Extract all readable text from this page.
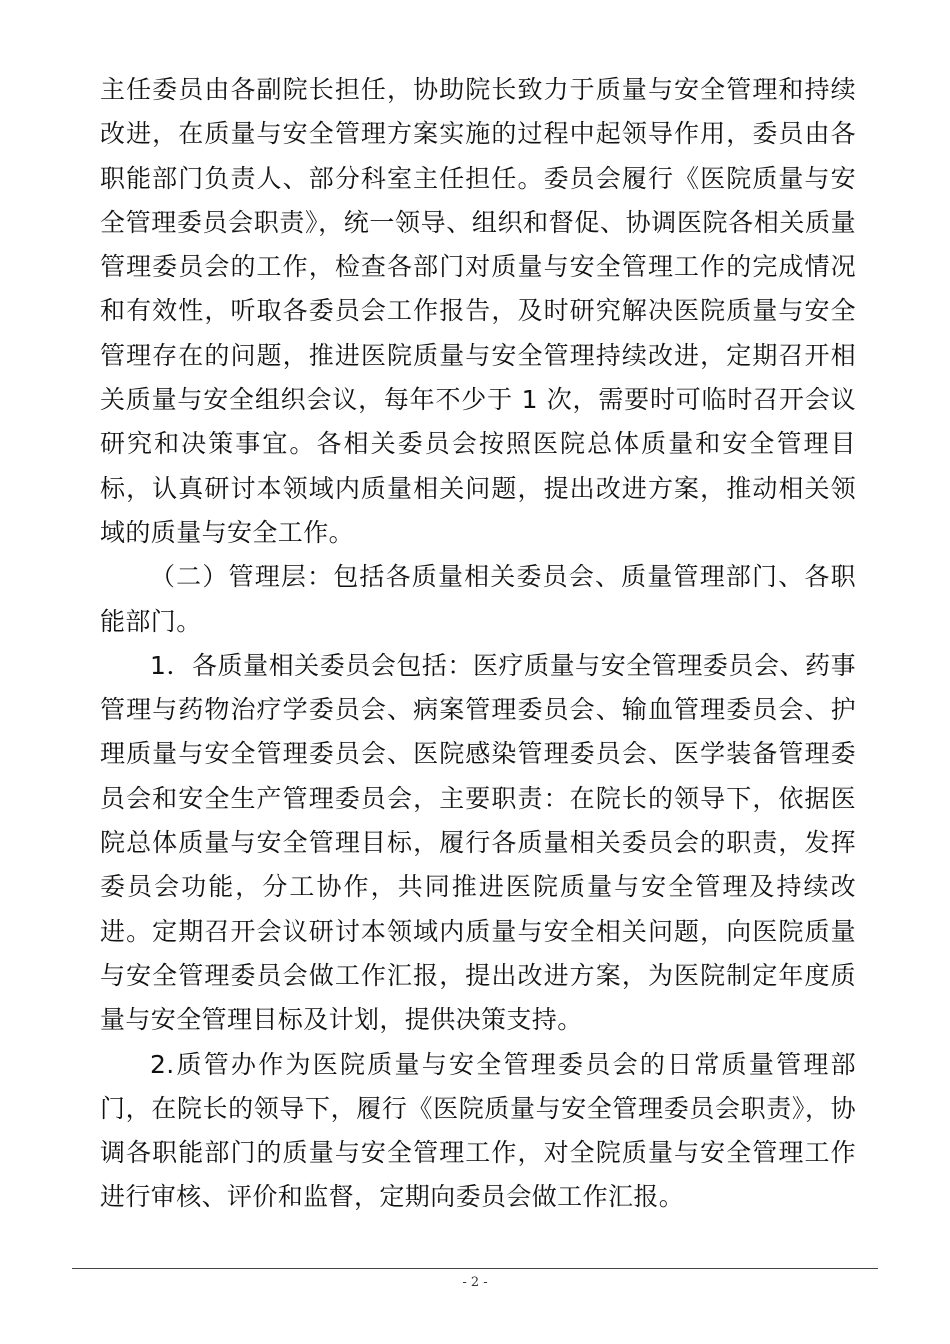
主任委员由各副院长担任，协助院长致力于质量与安全管理和持续改进，在质量与安全管理方案实施的过程中起领导作用，委员由各职能部门负责人、部分科室主任担任。委员会履行《医院质量与安全管理委员会职责》，统一领导、组织和督促、协调医院各相关质量管理委员会的工作，检查各部门对质量与安全管理工作的完成情况和有效性，听取各委员会工作报告，及时研究解决医院质量与安全管理存在的问题，推进医院质量与安全管理持续改进，定期召开相关质量与安全组织会议，每年不少于 1 次，需要时可临时召开会议研究和决策事宜。各相关委员会按照医院总体质量和安全管理目标，认真研讨本领域内质量相关问题，提出改进方案，推动相关领域的质量与安全工作。

（二）管理层：包括各质量相关委员会、质量管理部门、各职能部门。

1．各质量相关委员会包括：医疗质量与安全管理委员会、药事管理与药物治疗学委员会、病案管理委员会、输血管理委员会、护理质量与安全管理委员会、医院感染管理委员会、医学装备管理委员会和安全生产管理委员会，主要职责：在院长的领导下，依据医院总体质量与安全管理目标，履行各质量相关委员会的职责，发挥委员会功能，分工协作，共同推进医院质量与安全管理及持续改进。定期召开会议研讨本领域内质量与安全相关问题，向医院质量与安全管理委员会做工作汇报，提出改进方案，为医院制定年度质量与安全管理目标及计划，提供决策支持。

2.质管办作为医院质量与安全管理委员会的日常质量管理部门，在院长的领导下，履行《医院质量与安全管理委员会职责》，协调各职能部门的质量与安全管理工作，对全院质量与安全管理工作进行审核、评价和监督，定期向委员会做工作汇报。

- 2 -
